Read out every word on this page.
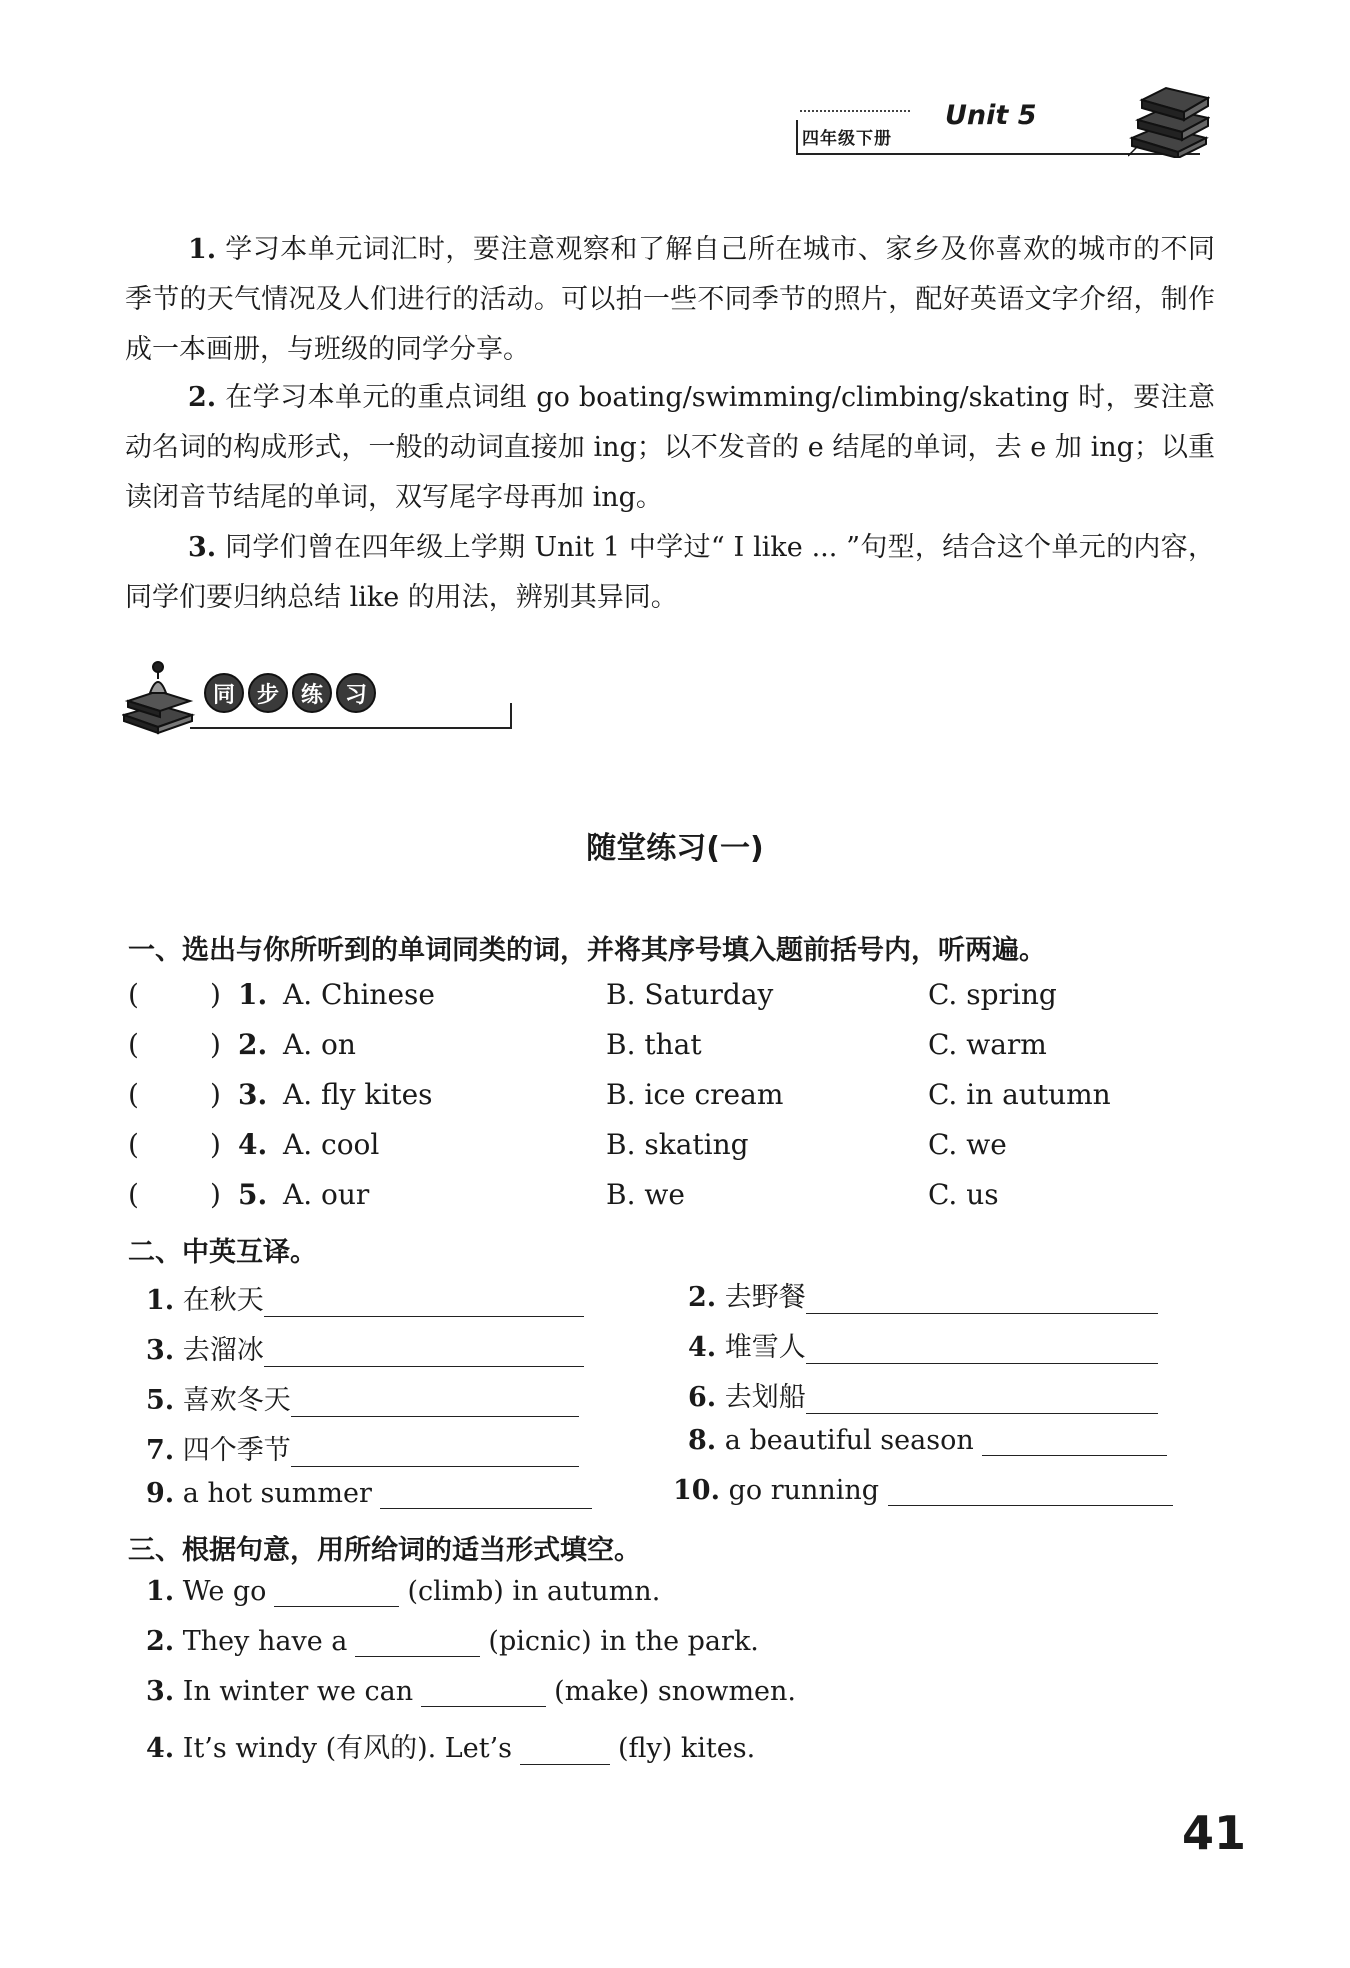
四年级下册
Unit 5
1. 学习本单元词汇时，要注意观察和了解自己所在城市、家乡及你喜欢的城市的不同季节的天气情况及人们进行的活动。可以拍一些不同季节的照片，配好英语文字介绍，制作成一本画册，与班级的同学分享。
2. 在学习本单元的重点词组 go boating/swimming/climbing/skating 时，要注意动名词的构成形式，一般的动词直接加 ing；以不发音的 e 结尾的单词，去 e 加 ing；以重读闭音节结尾的单词，双写尾字母再加 ing。
3. 同学们曾在四年级上学期 Unit 1 中学过“ I like ... ”句型，结合这个单元的内容，同学们要归纳总结 like 的用法，辨别其异同。
同 步 练 习
随堂练习(一)
一、选出与你所听到的单词同类的词，并将其序号填入题前括号内，听两遍。
(	) 1. A. Chinese	B. Saturday	C. spring
(	) 2. A. on	B. that	C. warm
(	) 3. A. fly kites	B. ice cream	C. in autumn
(	) 4. A. cool	B. skating	C. we
(	) 5. A. our	B. we	C. us
二、中英互译。
1. 在秋天	2. 去野餐
3. 去溜冰	4. 堆雪人
5. 喜欢冬天	6. 去划船
7. 四个季节	8. a beautiful season
9. a hot summer	10. go running
三、根据句意，用所给词的适当形式填空。
1. We go	(climb) in autumn.
2. They have a	(picnic) in the park.
3. In winter we can	(make) snowmen.
4. It’s windy (有风的). Let’s	(fly) kites.
41
